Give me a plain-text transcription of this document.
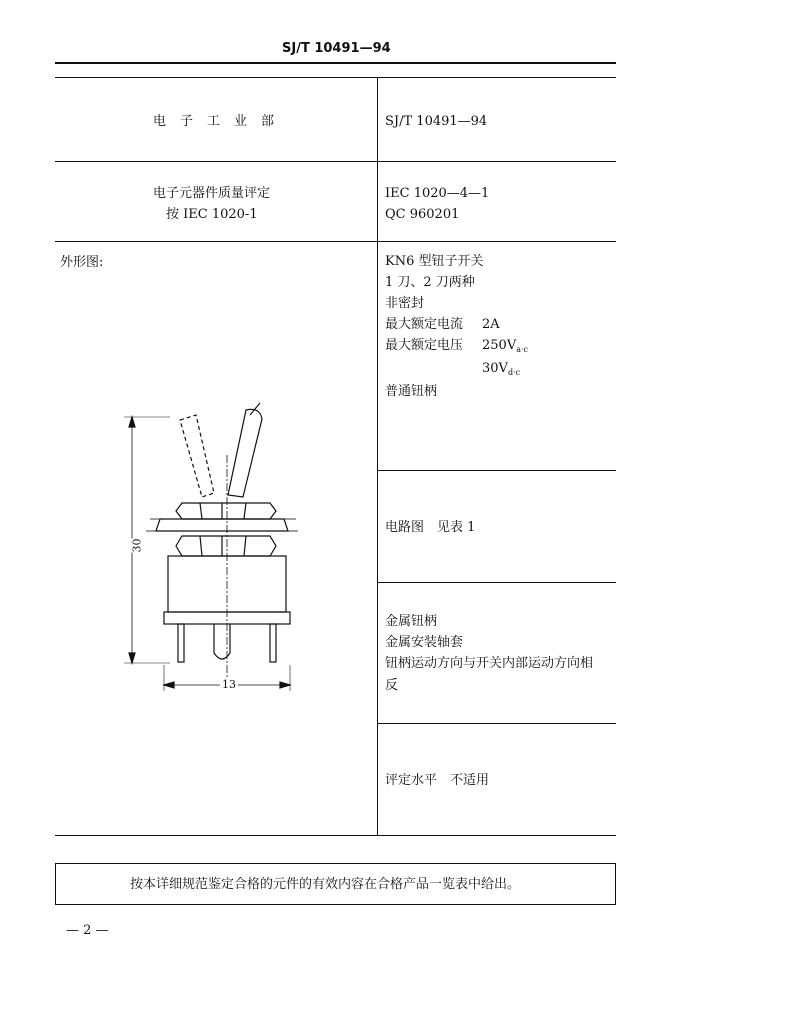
SJ/T 10491—94
电子工业部	SJ/T 10491—94
电子元器件质量评定
按 IEC 1020-1
IEC 1020—4—1
QC 960201
外形图:
30
13
KN6 型钮子开关
1 刀、2 刀两种
非密封
最大额定电流 2A
最大额定电压 $250V_{a\cdot c}$
$30V_{d\cdot c}$
普通钮柄
电路图　见表 1
金属钮柄
金属安装轴套
钮柄运动方向与开关内部运动方向相
反
评定水平　不适用
按本详细规范鉴定合格的元件的有效内容在合格产品一览表中给出。
— 2 —
